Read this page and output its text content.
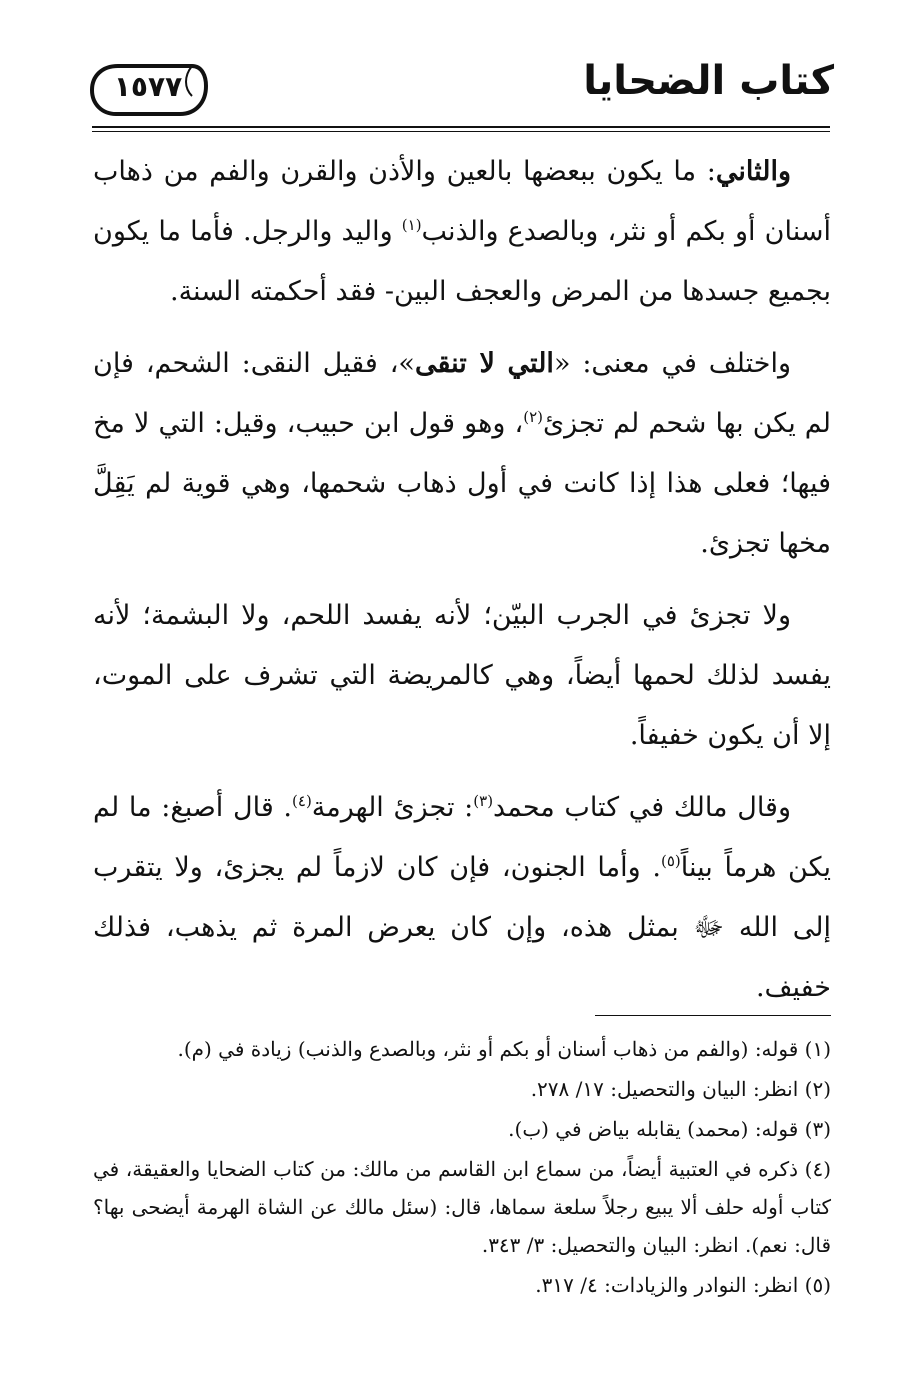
كتاب الضحايا
١٥٧٧

والثاني: ما يكون ببعضها بالعين والأذن والقرن والفم من ذهاب أسنان أو بكم أو نثر، وبالصدع والذنب$^{(١)}$ واليد والرجل. فأما ما يكون بجميع جسدها من المرض والعجف البين- فقد أحكمته السنة.

واختلف في معنى: «التي لا تنقى»، فقيل النقى: الشحم، فإن لم يكن بها شحم لم تجزئ$^{(٢)}$، وهو قول ابن حبيب، وقيل: التي لا مخ فيها؛ فعلى هذا إذا كانت في أول ذهاب شحمها، وهي قوية لم يَقِلَّ مخها تجزئ.

ولا تجزئ في الجرب البيّن؛ لأنه يفسد اللحم، ولا البشمة؛ لأنه يفسد لذلك لحمها أيضاً، وهي كالمريضة التي تشرف على الموت، إلا أن يكون خفيفاً.

وقال مالك في كتاب محمد$^{(٣)}$: تجزئ الهرمة$^{(٤)}$. قال أصبغ: ما لم يكن هرماً بيناً$^{(٥)}$. وأما الجنون، فإن كان لازماً لم يجزئ، ولا يتقرب إلى الله ﷻ بمثل هذه، وإن كان يعرض المرة ثم يذهب، فذلك خفيف.

(١) قوله: (والفم من ذهاب أسنان أو بكم أو نثر، وبالصدع والذنب) زيادة في (م).
(٢) انظر: البيان والتحصيل: ١٧/ ٢٧٨.
(٣) قوله: (محمد) يقابله بياض في (ب).
(٤) ذكره في العتبية أيضاً، من سماع ابن القاسم من مالك: من كتاب الضحايا والعقيقة، في كتاب أوله حلف ألا يبيع رجلاً سلعة سماها، قال: (سئل مالك عن الشاة الهرمة أيضحى بها؟ قال: نعم). انظر: البيان والتحصيل: ٣/ ٣٤٣.
(٥) انظر: النوادر والزيادات: ٤/ ٣١٧.
